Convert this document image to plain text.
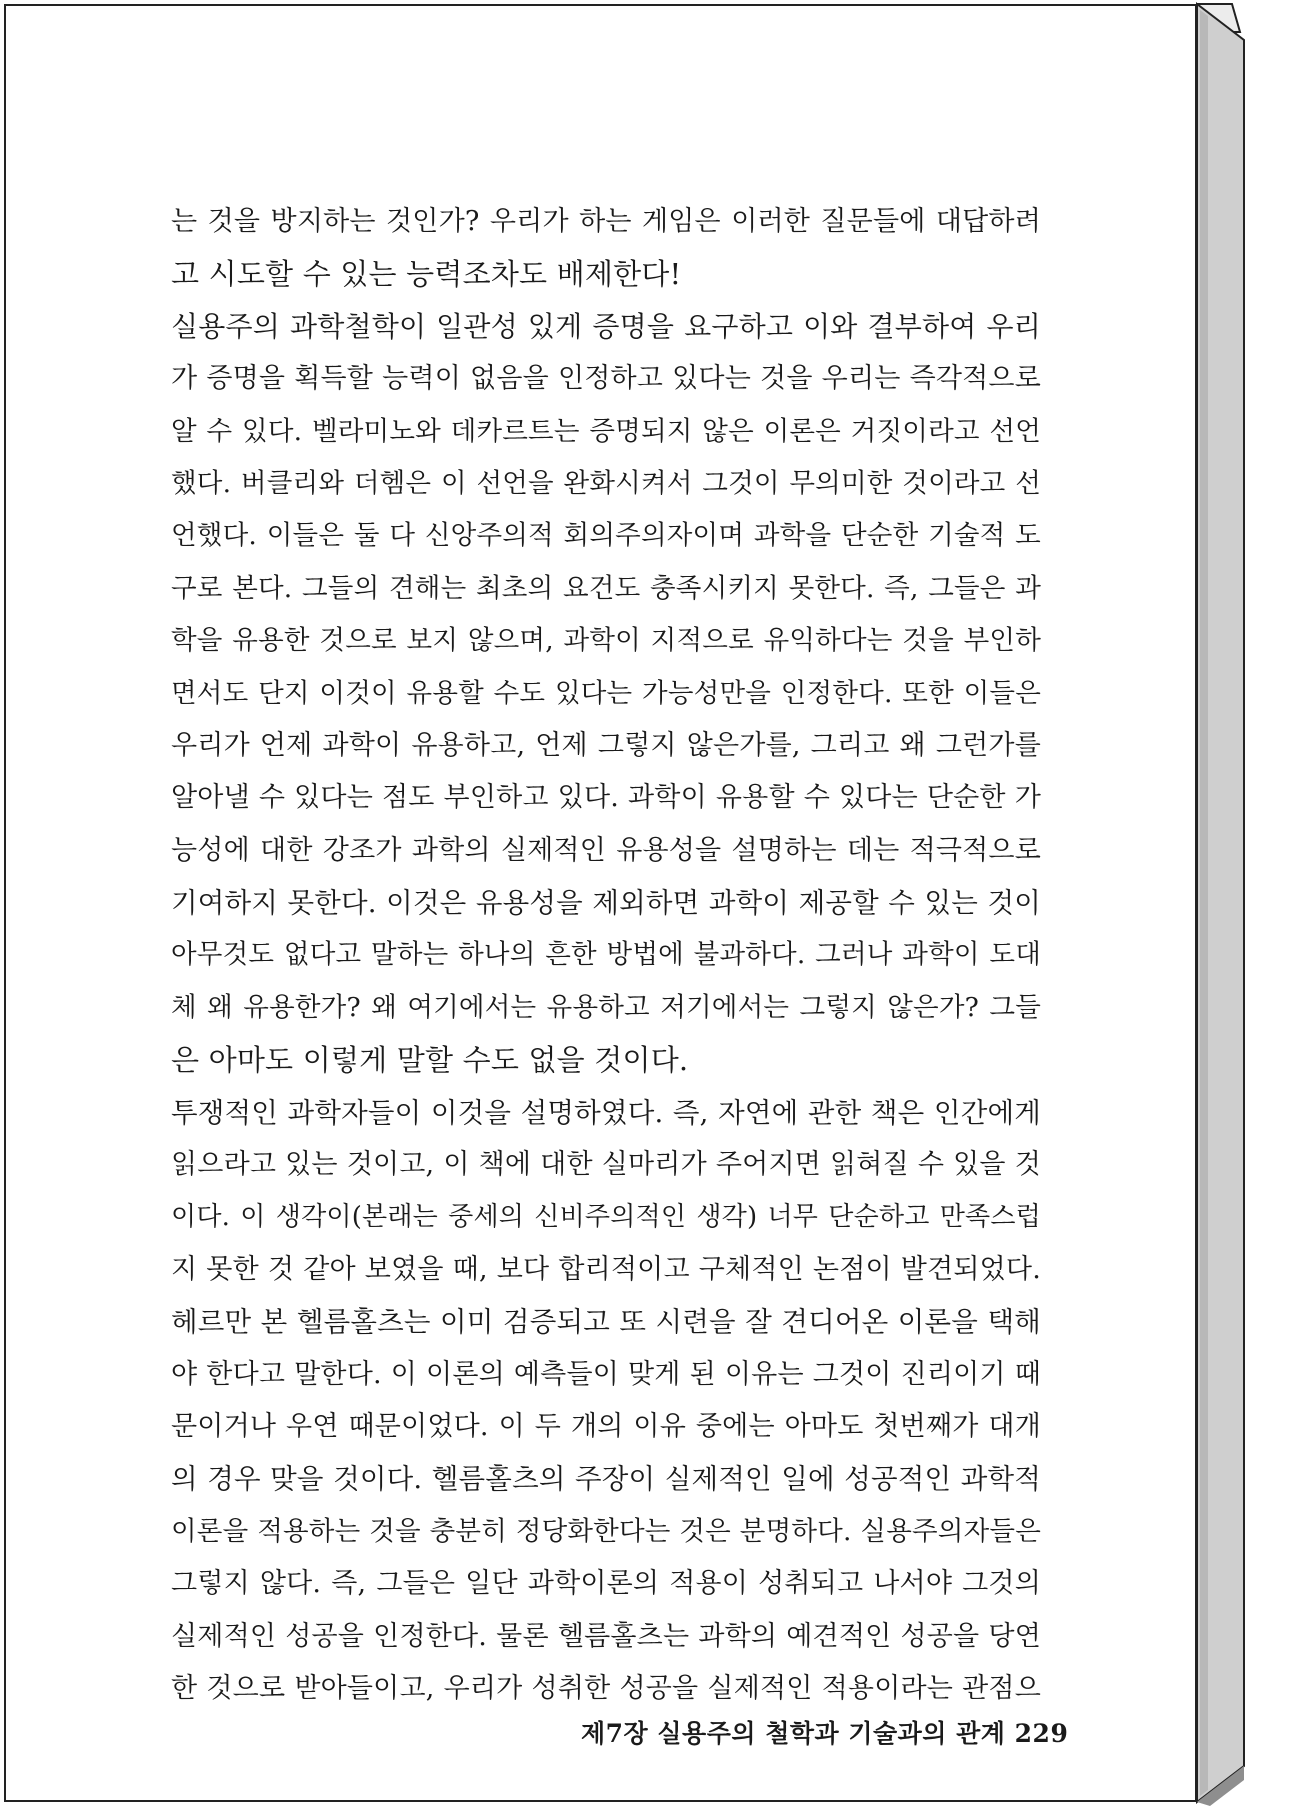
는 것을 방지하는 것인가? 우리가 하는 게임은 이러한 질문들에 대답하려
고 시도할 수 있는 능력조차도 배제한다!
실용주의 과학철학이 일관성 있게 증명을 요구하고 이와 결부하여 우리
가 증명을 획득할 능력이 없음을 인정하고 있다는 것을 우리는 즉각적으로
알 수 있다. 벨라미노와 데카르트는 증명되지 않은 이론은 거짓이라고 선언
했다. 버클리와 더헴은 이 선언을 완화시켜서 그것이 무의미한 것이라고 선
언했다. 이들은 둘 다 신앙주의적 회의주의자이며 과학을 단순한 기술적 도
구로 본다. 그들의 견해는 최초의 요건도 충족시키지 못한다. 즉, 그들은 과
학을 유용한 것으로 보지 않으며, 과학이 지적으로 유익하다는 것을 부인하
면서도 단지 이것이 유용할 수도 있다는 가능성만을 인정한다. 또한 이들은
우리가 언제 과학이 유용하고, 언제 그렇지 않은가를, 그리고 왜 그런가를
알아낼 수 있다는 점도 부인하고 있다. 과학이 유용할 수 있다는 단순한 가
능성에 대한 강조가 과학의 실제적인 유용성을 설명하는 데는 적극적으로
기여하지 못한다. 이것은 유용성을 제외하면 과학이 제공할 수 있는 것이
아무것도 없다고 말하는 하나의 흔한 방법에 불과하다. 그러나 과학이 도대
체 왜 유용한가? 왜 여기에서는 유용하고 저기에서는 그렇지 않은가? 그들
은 아마도 이렇게 말할 수도 없을 것이다.
투쟁적인 과학자들이 이것을 설명하였다. 즉, 자연에 관한 책은 인간에게
읽으라고 있는 것이고, 이 책에 대한 실마리가 주어지면 읽혀질 수 있을 것
이다. 이 생각이(본래는 중세의 신비주의적인 생각) 너무 단순하고 만족스럽
지 못한 것 같아 보였을 때, 보다 합리적이고 구체적인 논점이 발견되었다.
헤르만 본 헬름홀츠는 이미 검증되고 또 시련을 잘 견디어온 이론을 택해
야 한다고 말한다. 이 이론의 예측들이 맞게 된 이유는 그것이 진리이기 때
문이거나 우연 때문이었다. 이 두 개의 이유 중에는 아마도 첫번째가 대개
의 경우 맞을 것이다. 헬름홀츠의 주장이 실제적인 일에 성공적인 과학적
이론을 적용하는 것을 충분히 정당화한다는 것은 분명하다. 실용주의자들은
그렇지 않다. 즉, 그들은 일단 과학이론의 적용이 성취되고 나서야 그것의
실제적인 성공을 인정한다. 물론 헬름홀츠는 과학의 예견적인 성공을 당연
한 것으로 받아들이고, 우리가 성취한 성공을 실제적인 적용이라는 관점으
제7장 실용주의 철학과 기술과의 관계 229
